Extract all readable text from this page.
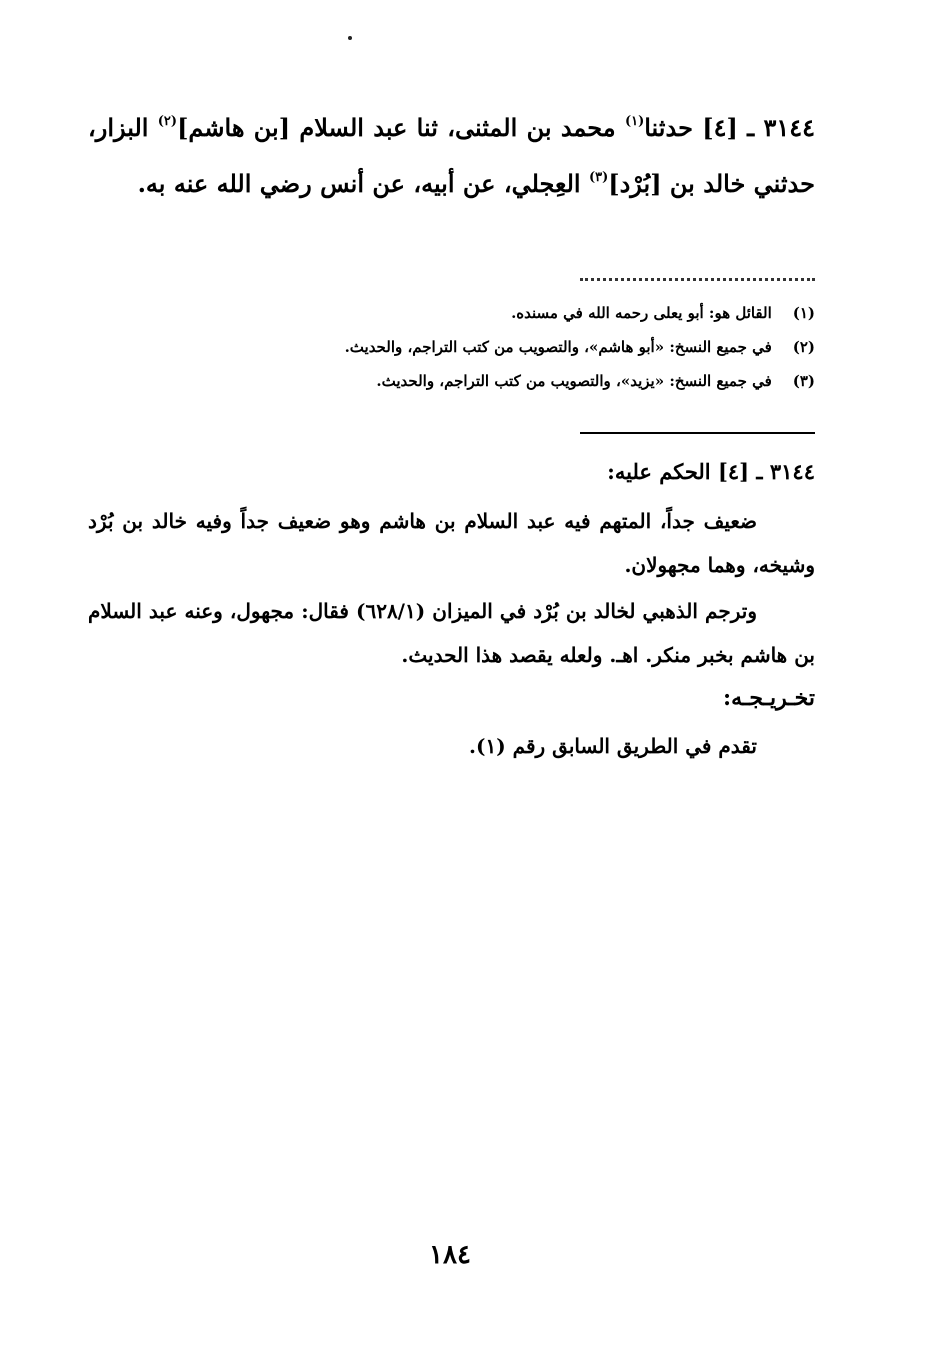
٣١٤٤ ـ [٤] حدثنا$^{(١)}$ محمد بن المثنى، ثنا عبد السلام [بن هاشم]$^{(٢)}$ البزار، حدثني خالد بن [بُرْد]$^{(٣)}$ العِجلي، عن أبيه، عن أنس رضي الله عنه به.
(١) القائل هو: أبو يعلى رحمه الله في مسنده.
(٢) في جميع النسخ: «أبو هاشم»، والتصويب من كتب التراجم، والحديث.
(٣) في جميع النسخ: «يزيد»، والتصويب من كتب التراجم، والحديث.
٣١٤٤ ـ [٤] الحكم عليه:
ضعيف جداً، المتهم فيه عبد السلام بن هاشم وهو ضعيف جداً وفيه خالد بن بُرْد وشيخه، وهما مجهولان.
وترجم الذهبي لخالد بن بُرْد في الميزان (٦٢٨/١) فقال: مجهول، وعنه عبد السلام بن هاشم بخبر منكر. اهـ. ولعله يقصد هذا الحديث.
تخـريـجـه:
تقدم في الطريق السابق رقم (١).
١٨٤
